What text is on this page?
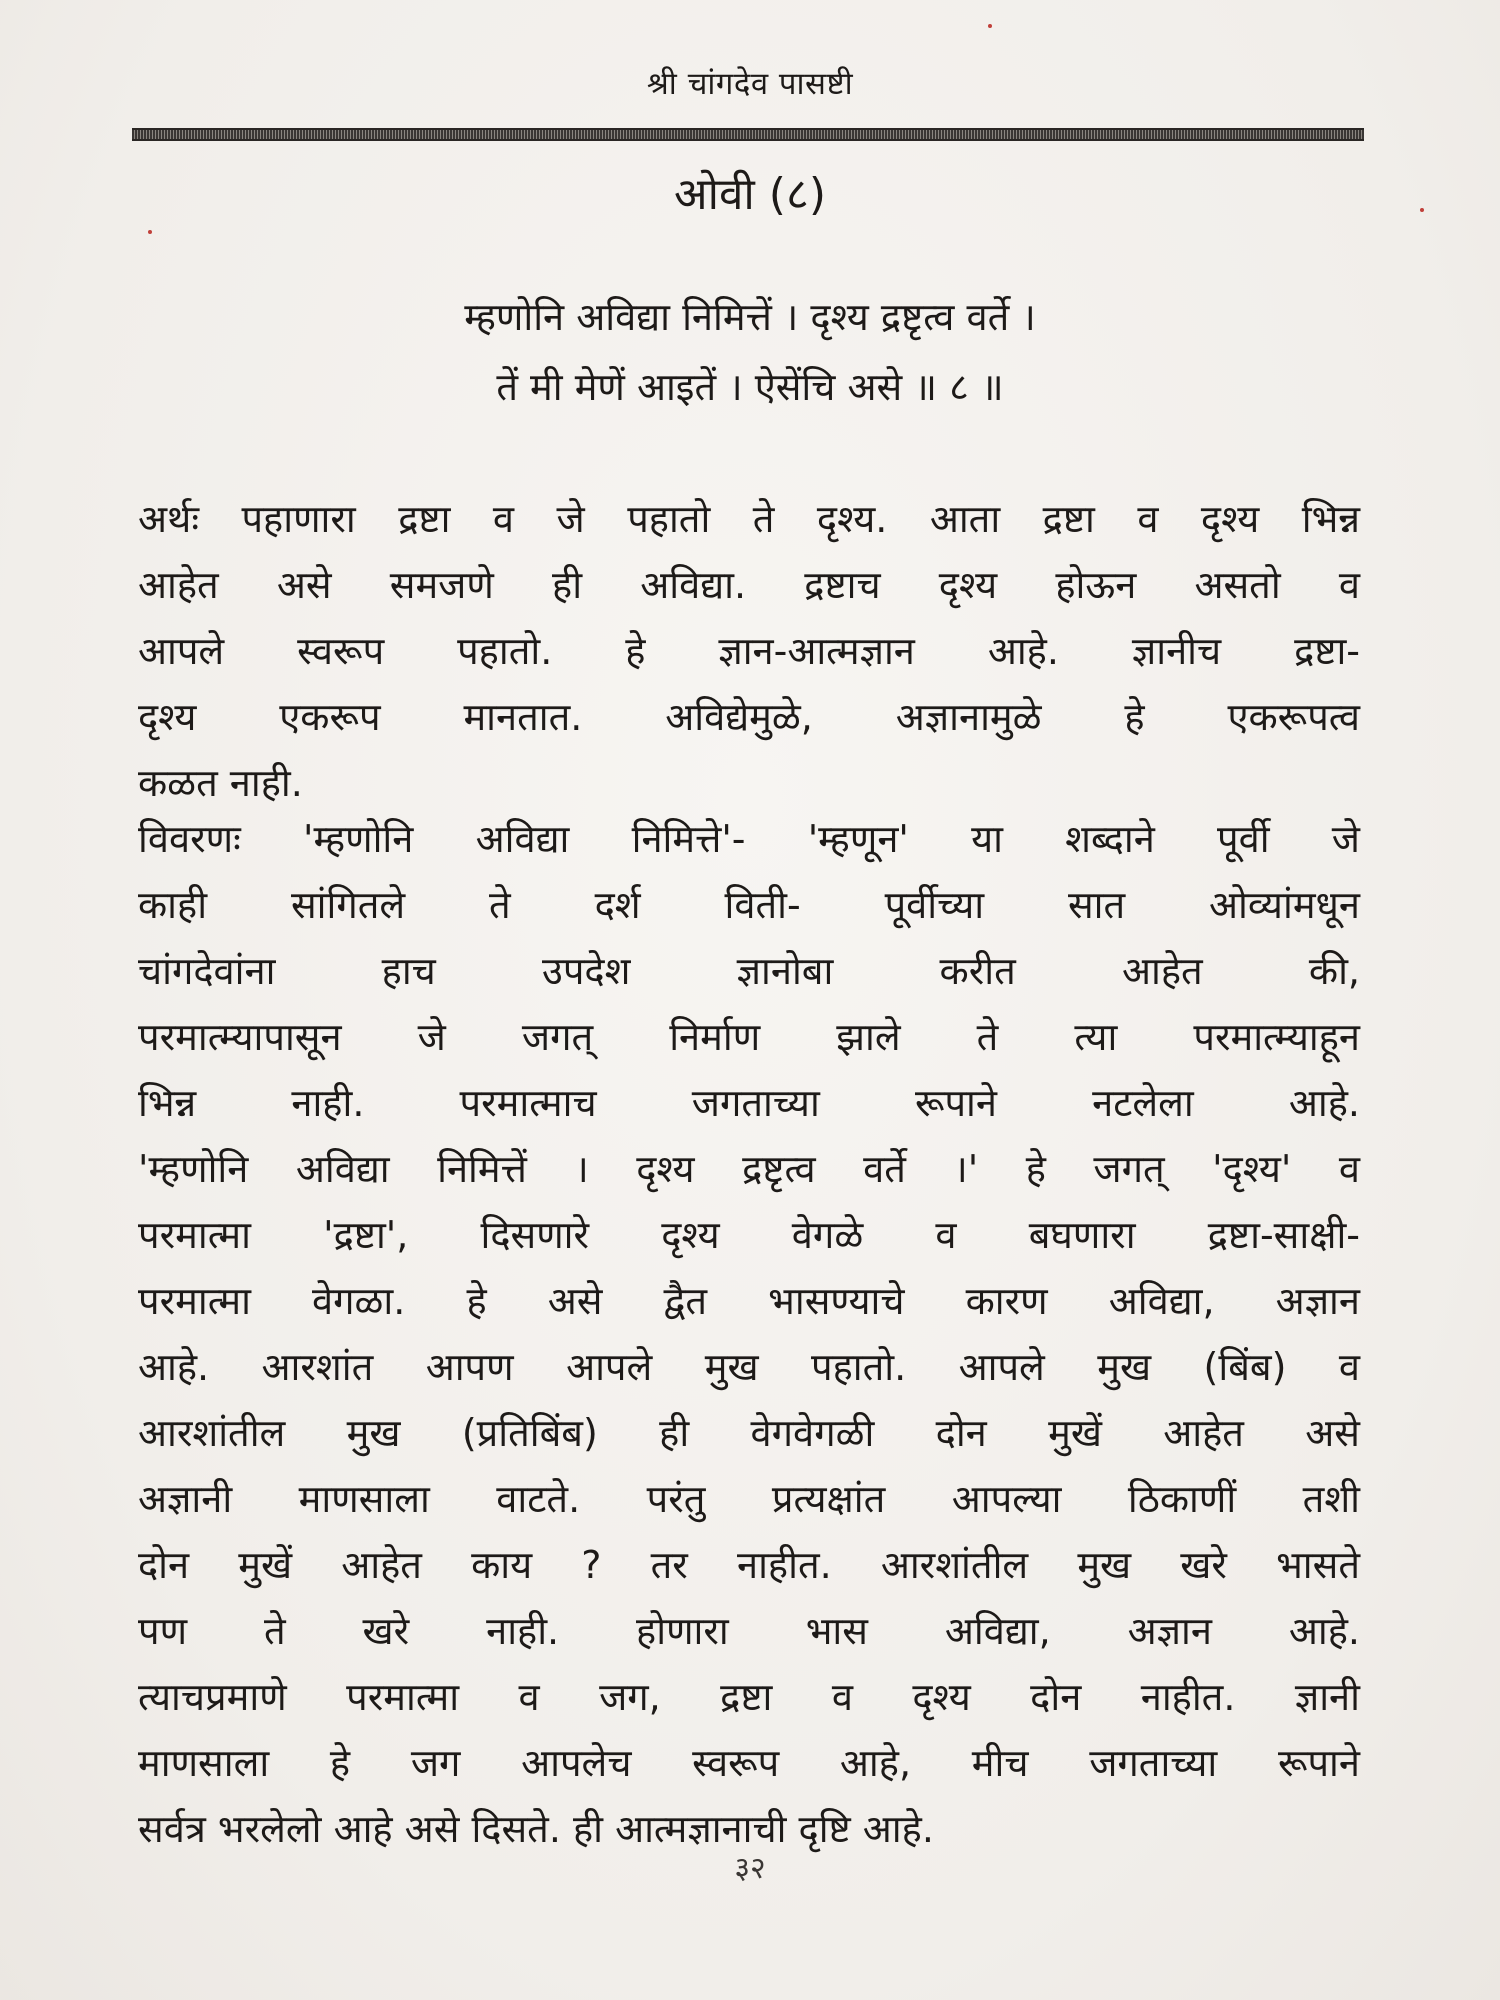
श्री चांगदेव पासष्टी
ओवी (८)
म्हणोनि अविद्या निमित्तें । दृश्य द्रष्टृत्व वर्ते ।
तें मी मेणें आइतें । ऐसेंचि असे ॥ ८ ॥
अर्थः पहाणारा द्रष्टा व जे पहातो ते दृश्य. आता द्रष्टा व दृश्य भिन्न
आहेत असे समजणे ही अविद्या. द्रष्टाच दृश्य होऊन असतो व
आपले स्वरूप पहातो. हे ज्ञान-आत्मज्ञान आहे. ज्ञानीच द्रष्टा-
दृश्य एकरूप मानतात. अविद्येमुळे, अज्ञानामुळे हे एकरूपत्व
कळत नाही.
विवरणः 'म्हणोनि अविद्या निमित्ते'- 'म्हणून' या शब्दाने पूर्वी जे
काही सांगितले ते दर्श विती- पूर्वीच्या सात ओव्यांमधून
चांगदेवांना हाच उपदेश ज्ञानोबा करीत आहेत की,
परमात्म्यापासून जे जगत् निर्माण झाले ते त्या परमात्म्याहून
भिन्न नाही. परमात्माच जगताच्या रूपाने नटलेला आहे.
'म्हणोनि अविद्या निमित्तें । दृश्य द्रष्टृत्व वर्ते ।' हे जगत् 'दृश्य' व
परमात्मा 'द्रष्टा', दिसणारे दृश्य वेगळे व बघणारा द्रष्टा-साक्षी-
परमात्मा वेगळा. हे असे द्वैत भासण्याचे कारण अविद्या, अज्ञान
आहे. आरशांत आपण आपले मुख पहातो. आपले मुख (बिंब) व
आरशांतील मुख (प्रतिबिंब) ही वेगवेगळी दोन मुखें आहेत असे
अज्ञानी माणसाला वाटते. परंतु प्रत्यक्षांत आपल्या ठिकाणीं तशी
दोन मुखें आहेत काय ? तर नाहीत. आरशांतील मुख खरे भासते
पण ते खरे नाही. होणारा भास अविद्या, अज्ञान आहे.
त्याचप्रमाणे परमात्मा व जग, द्रष्टा व दृश्य दोन नाहीत. ज्ञानी
माणसाला हे जग आपलेच स्वरूप आहे, मीच जगताच्या रूपाने
सर्वत्र भरलेलो आहे असे दिसते. ही आत्मज्ञानाची दृष्टि आहे.
३२
